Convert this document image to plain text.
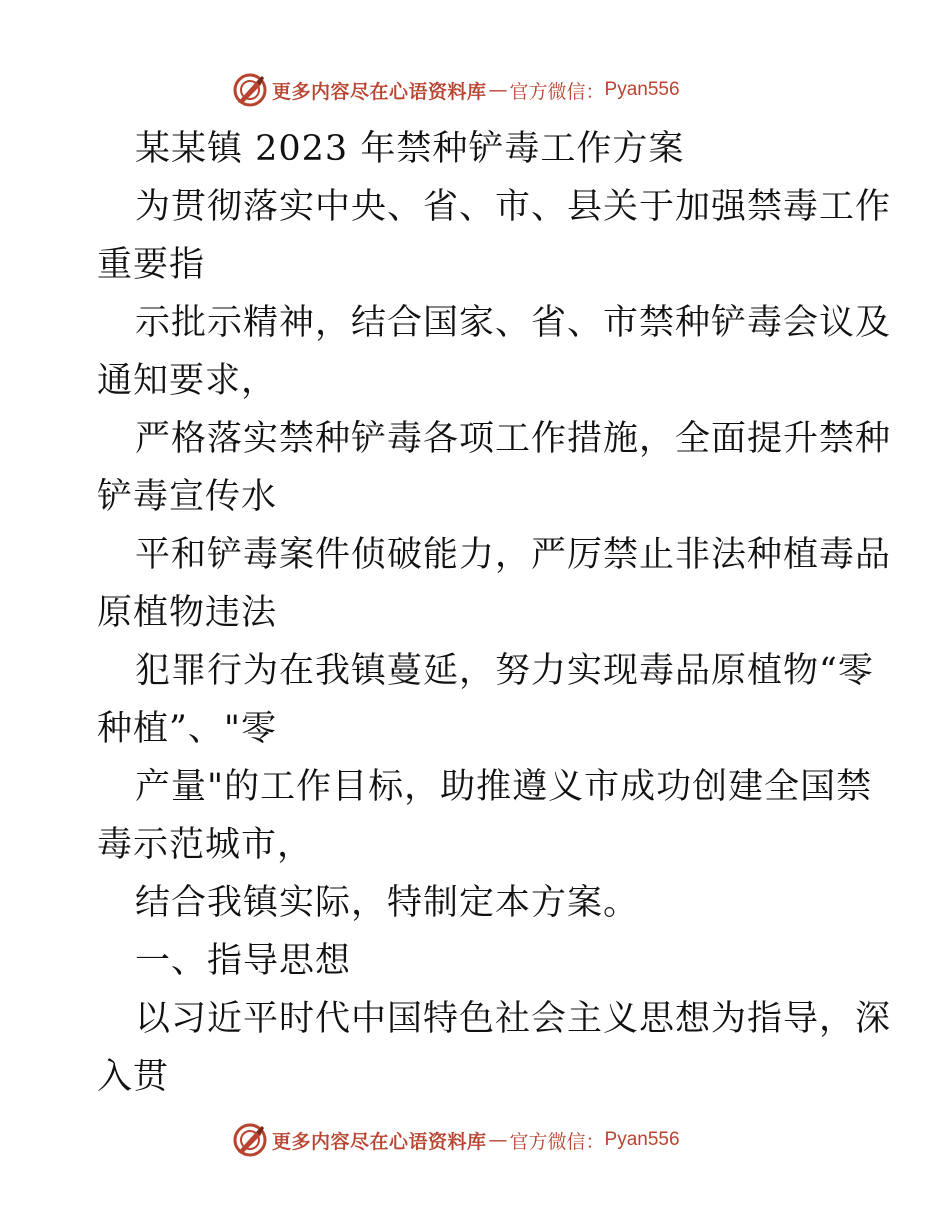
更多内容尽在心语资料库 — 官方微信： Pyan556
某某镇 2023 年禁种铲毒工作方案
为贯彻落实中央、省、市、县关于加强禁毒工作
重要指
示批示精神，结合国家、省、市禁种铲毒会议及
通知要求，
严格落实禁种铲毒各项工作措施，全面提升禁种
铲毒宣传水
平和铲毒案件侦破能力，严厉禁止非法种植毒品
原植物违法
犯罪行为在我镇蔓延，努力实现毒品原植物“零
种植”、"零
产量"的工作目标，助推遵义市成功创建全国禁
毒示范城市，
结合我镇实际，特制定本方案。
一、指导思想
以习近平时代中国特色社会主义思想为指导，深
入贯
更多内容尽在心语资料库 — 官方微信： Pyan556
